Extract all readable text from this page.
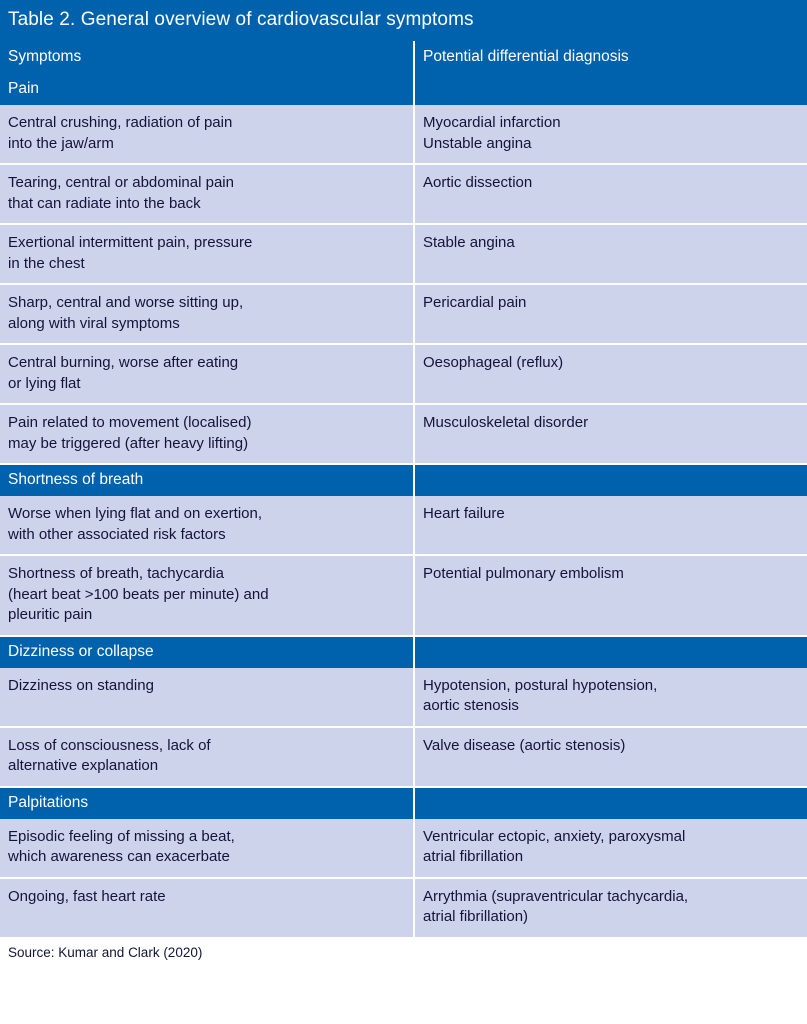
Table 2. General overview of cardiovascular symptoms
Symptoms	Potential differential diagnosis
Pain	

Central crushing, radiation of pain
into the jaw/arm	Myocardial infarction
Unstable angina

Tearing, central or abdominal pain
that can radiate into the back	Aortic dissection

Exertional intermittent pain, pressure
in the chest	Stable angina

Sharp, central and worse sitting up,
along with viral symptoms	Pericardial pain

Central burning, worse after eating
or lying flat	Oesophageal (reflux)

Pain related to movement (localised)
may be triggered (after heavy lifting)	Musculoskeletal disorder

Shortness of breath	

Worse when lying flat and on exertion,
with other associated risk factors	Heart failure

Shortness of breath, tachycardia
(heart beat >100 beats per minute) and
pleuritic pain	Potential pulmonary embolism

Dizziness or collapse	

Dizziness on standing	Hypotension, postural hypotension,
aortic stenosis

Loss of consciousness, lack of
alternative explanation	Valve disease (aortic stenosis)

Palpitations	

Episodic feeling of missing a beat,
which awareness can exacerbate	Ventricular ectopic, anxiety, paroxysmal
atrial fibrillation

Ongoing, fast heart rate	Arrythmia (supraventricular tachycardia,
atrial fibrillation)
Source: Kumar and Clark (2020)
